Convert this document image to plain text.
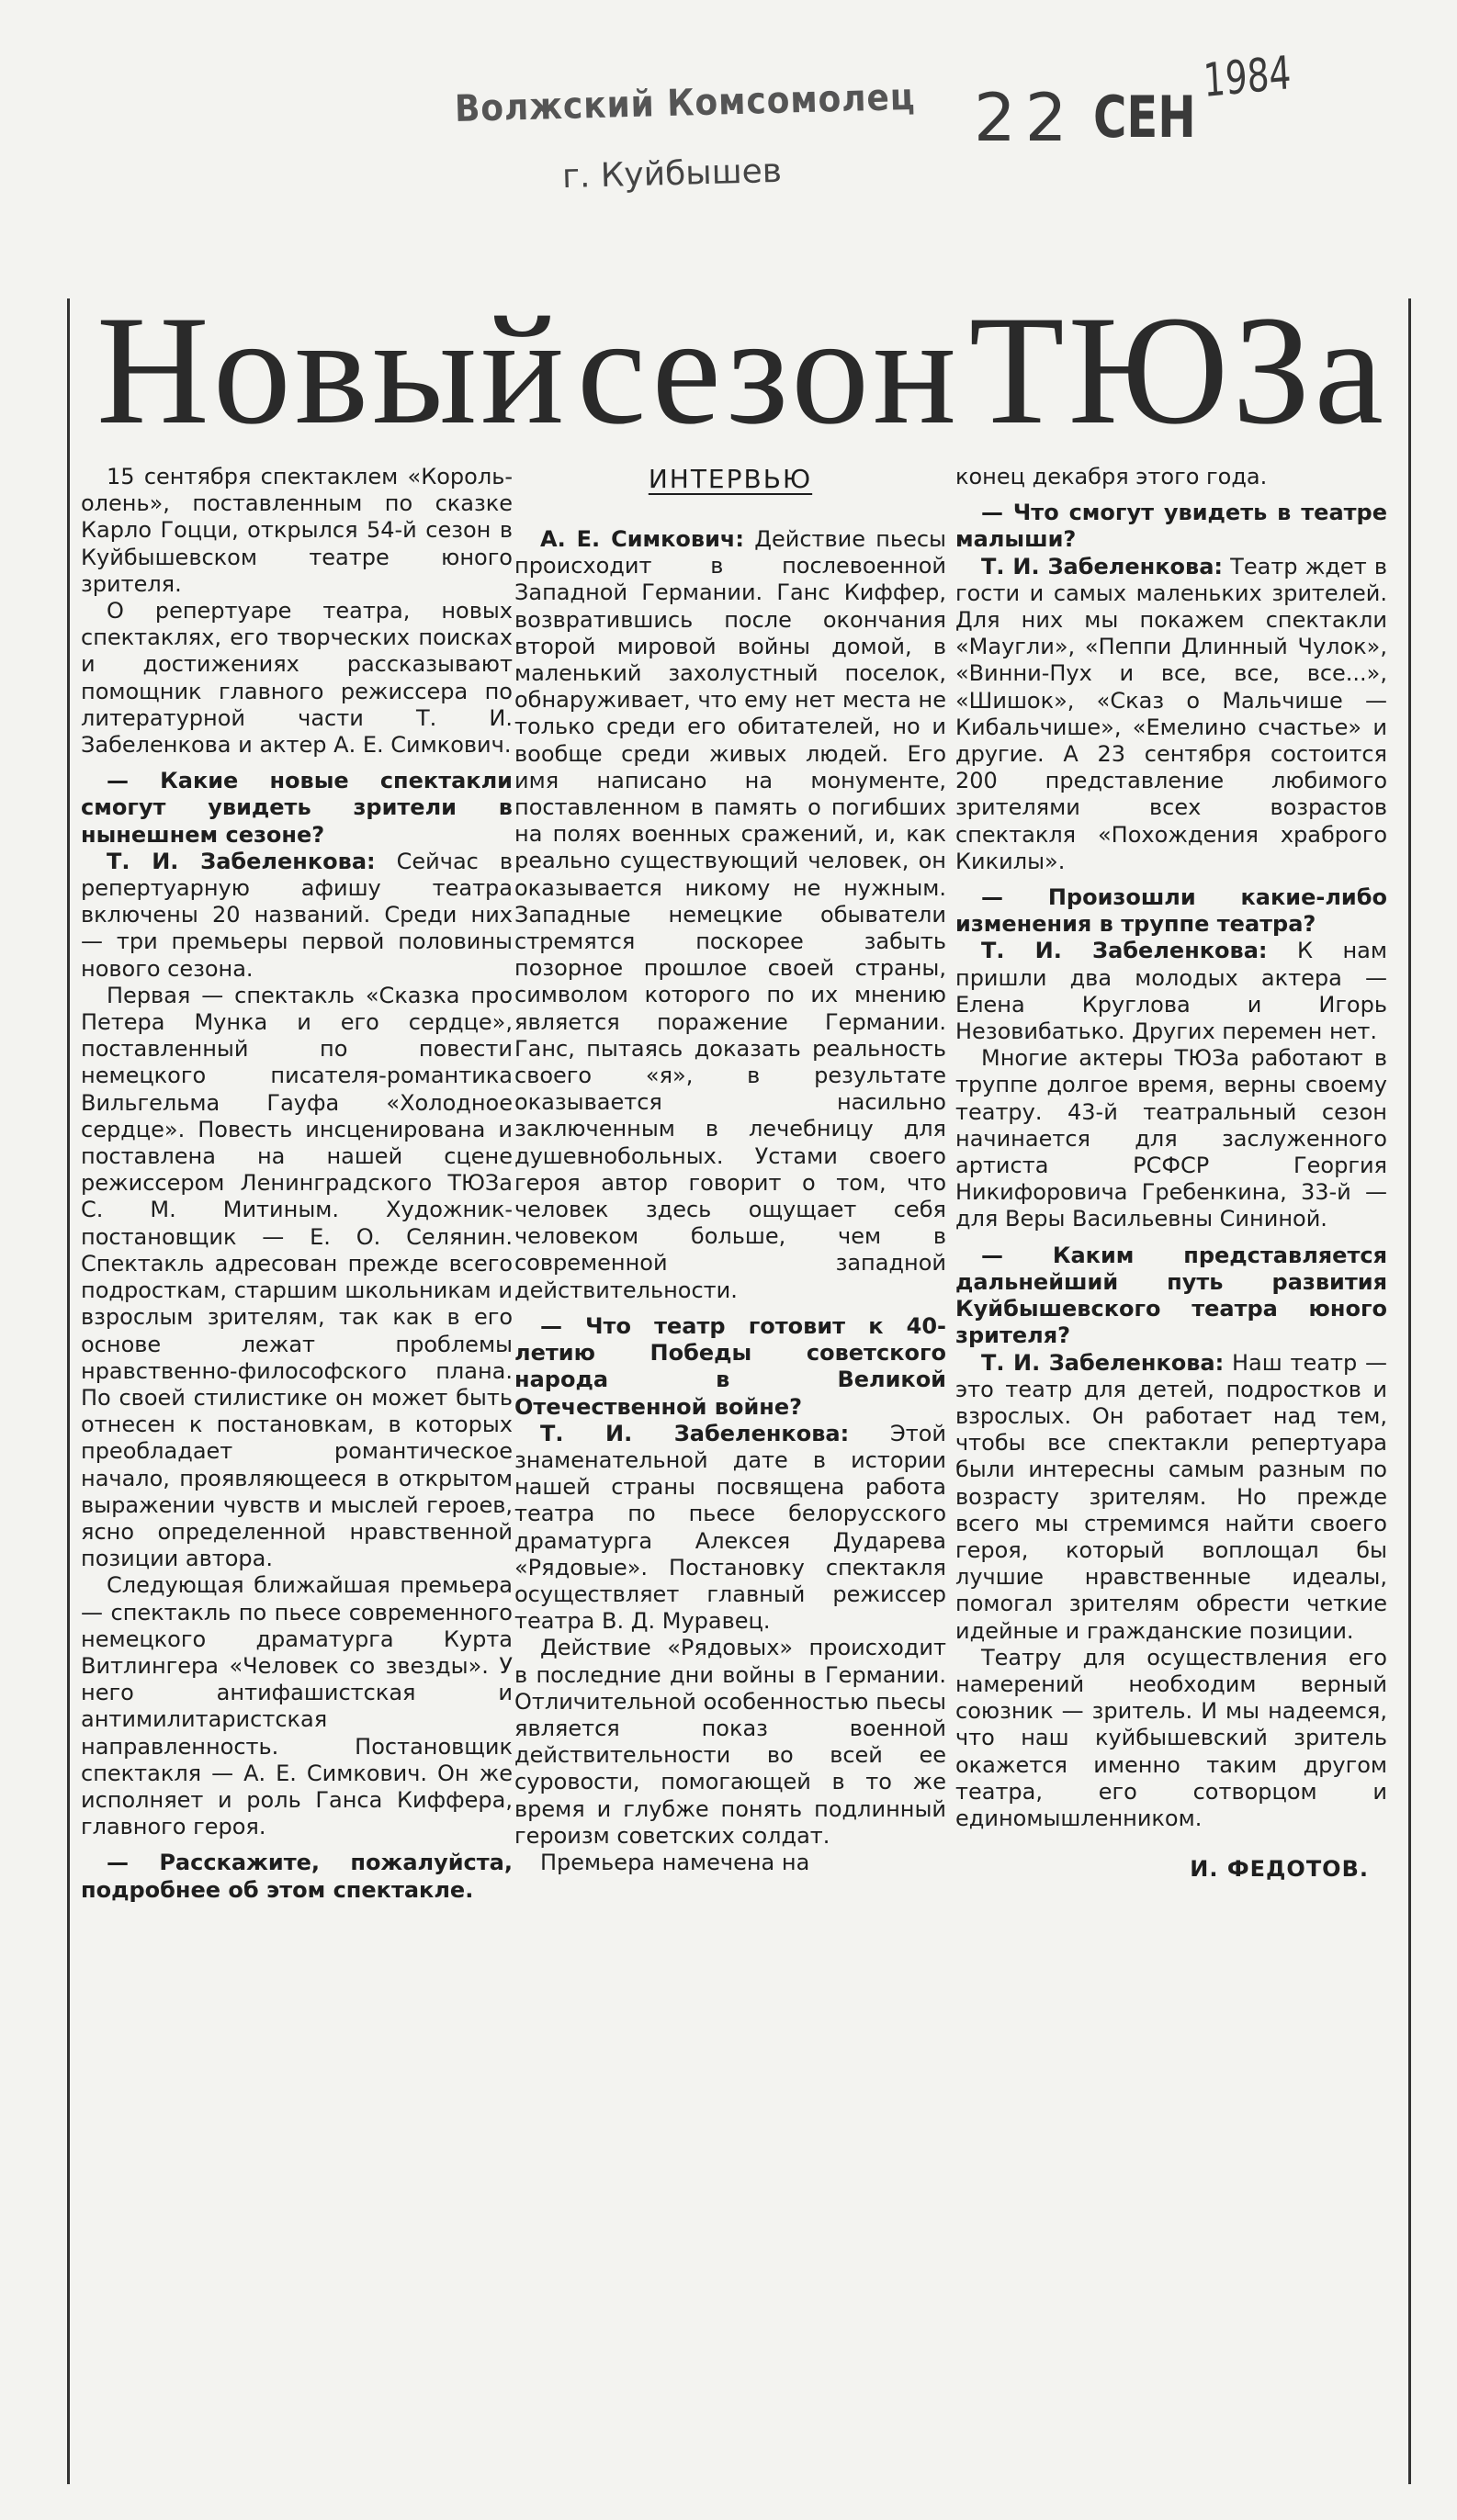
Волжский Комсомолец
г. Куйбышев
22 СЕН
1984
Новый сезон ТЮЗа

15 сентября спектаклем «Король-олень», поставленным по сказке Карло Гоцци, открылся 54-й сезон в Куйбышевском театре юного зрителя.

О репертуаре театра, новых спектаклях, его творческих поисках и достижениях рассказывают помощник главного режиссера по литературной части Т. И. Забеленкова и актер А. Е. Симкович.

— Какие новые спектакли смогут увидеть зрители в нынешнем сезоне?

Т. И. Забеленкова: Сейчас в репертуарную афишу театра включены 20 названий. Среди них — три премьеры первой половины нового сезона.

Первая — спектакль «Сказка про Петера Мунка и его сердце», поставленный по повести немецкого писателя-романтика Вильгельма Гауфа «Холодное сердце». Повесть инсценирована и поставлена на нашей сцене режиссером Ленинградского ТЮЗа С. М. Митиным. Художник-постановщик — Е. О. Селянин. Спектакль адресован прежде всего подросткам, старшим школьникам и взрослым зрителям, так как в его основе лежат проблемы нравственно-философского плана. По своей стилистике он может быть отнесен к постановкам, в которых преобладает романтическое начало, проявляющееся в открытом выражении чувств и мыслей героев, ясно определенной нравственной позиции автора.

Следующая ближайшая премьера — спектакль по пьесе современного немецкого драматурга Курта Витлингера «Человек со звезды». У него антифашистская и антимилитаристская направленность. Постановщик спектакля — А. Е. Симкович. Он же исполняет и роль Ганса Киффера, главного героя.

— Расскажите, пожалуйста, подробнее об этом спектакле.

ИНТЕРВЬЮ

А. Е. Симкович: Действие пьесы происходит в послевоенной Западной Германии. Ганс Киффер, возвратившись после окончания второй мировой войны домой, в маленький захолустный поселок, обнаруживает, что ему нет места не только среди его обитателей, но и вообще среди живых людей. Его имя написано на монументе, поставленном в память о погибших на полях военных сражений, и, как реально существующий человек, он оказывается никому не нужным. Западные немецкие обыватели стремятся поскорее забыть позорное прошлое своей страны, символом которого по их мнению является поражение Германии. Ганс, пытаясь доказать реальность своего «я», в результате оказывается насильно заключенным в лечебницу для душевнобольных. Устами своего героя автор говорит о том, что человек здесь ощущает себя человеком больше, чем в современной западной действительности.

— Что театр готовит к 40-летию Победы советского народа в Великой Отечественной войне?

Т. И. Забеленкова: Этой знаменательной дате в истории нашей страны посвящена работа театра по пьесе белорусского драматурга Алексея Дударева «Рядовые». Постановку спектакля осуществляет главный режиссер театра В. Д. Муравец.

Действие «Рядовых» происходит в последние дни войны в Германии. Отличительной особенностью пьесы является показ военной действительности во всей ее суровости, помогающей в то же время и глубже понять подлинный героизм советских солдат.

Премьера намечена на

конец декабря этого года.

— Что смогут увидеть в театре малыши?

Т. И. Забеленкова: Театр ждет в гости и самых маленьких зрителей. Для них мы покажем спектакли «Маугли», «Пеппи Длинный Чулок», «Винни-Пух и все, все, все...», «Шишок», «Сказ о Мальчише — Кибальчише», «Емелино счастье» и другие. А 23 сентября состоится 200 представление любимого зрителями всех возрастов спектакля «Похождения храброго Кикилы».

— Произошли какие-либо изменения в труппе театра?

Т. И. Забеленкова: К нам пришли два молодых актера — Елена Круглова и Игорь Незовибатько. Других перемен нет.

Многие актеры ТЮЗа работают в труппе долгое время, верны своему театру. 43-й театральный сезон начинается для заслуженного артиста РСФСР Георгия Никифоровича Гребенкина, 33-й — для Веры Васильевны Сининой.

— Каким представляется дальнейший путь развития Куйбышевского театра юного зрителя?

Т. И. Забеленкова: Наш театр — это театр для детей, подростков и взрослых. Он работает над тем, чтобы все спектакли репертуара были интересны самым разным по возрасту зрителям. Но прежде всего мы стремимся найти своего героя, который воплощал бы лучшие нравственные идеалы, помогал зрителям обрести четкие идейные и гражданские позиции.

Театру для осуществления его намерений необходим верный союзник — зритель. И мы надеемся, что наш куйбышевский зритель окажется именно таким другом театра, его сотворцом и единомышленником.

И. ФЕДОТОВ.
